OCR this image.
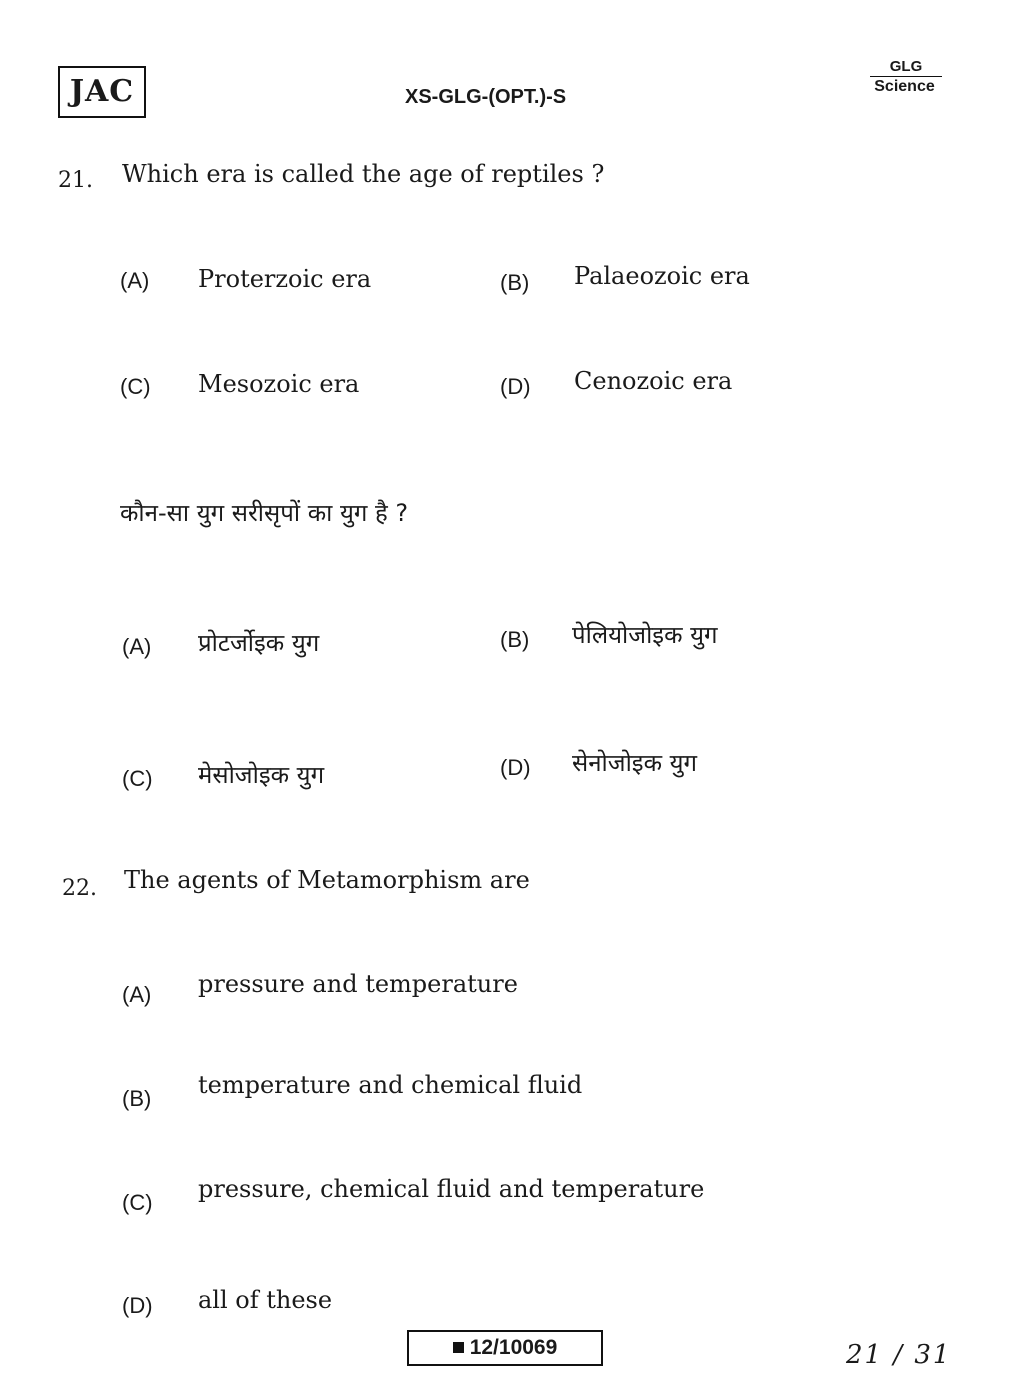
JAC	XS-GLG-(OPT.)-S
GLG
Science
21. Which era is called the age of reptiles ?
(A) Proterzoic era	(B) Palaeozoic era
(C) Mesozoic era	(D) Cenozoic era
कौन-सा युग सरीसृपों का युग है ?
(A) प्रोटर्जोइक युग	(B) पेलियोजोइक युग
(C) मेसोजोइक युग	(D) सेनोजोइक युग
22. The agents of Metamorphism are
(A) pressure and temperature
(B) temperature and chemical fluid
(C) pressure, chemical fluid and temperature
(D) all of these
12/10069	21 / 31
